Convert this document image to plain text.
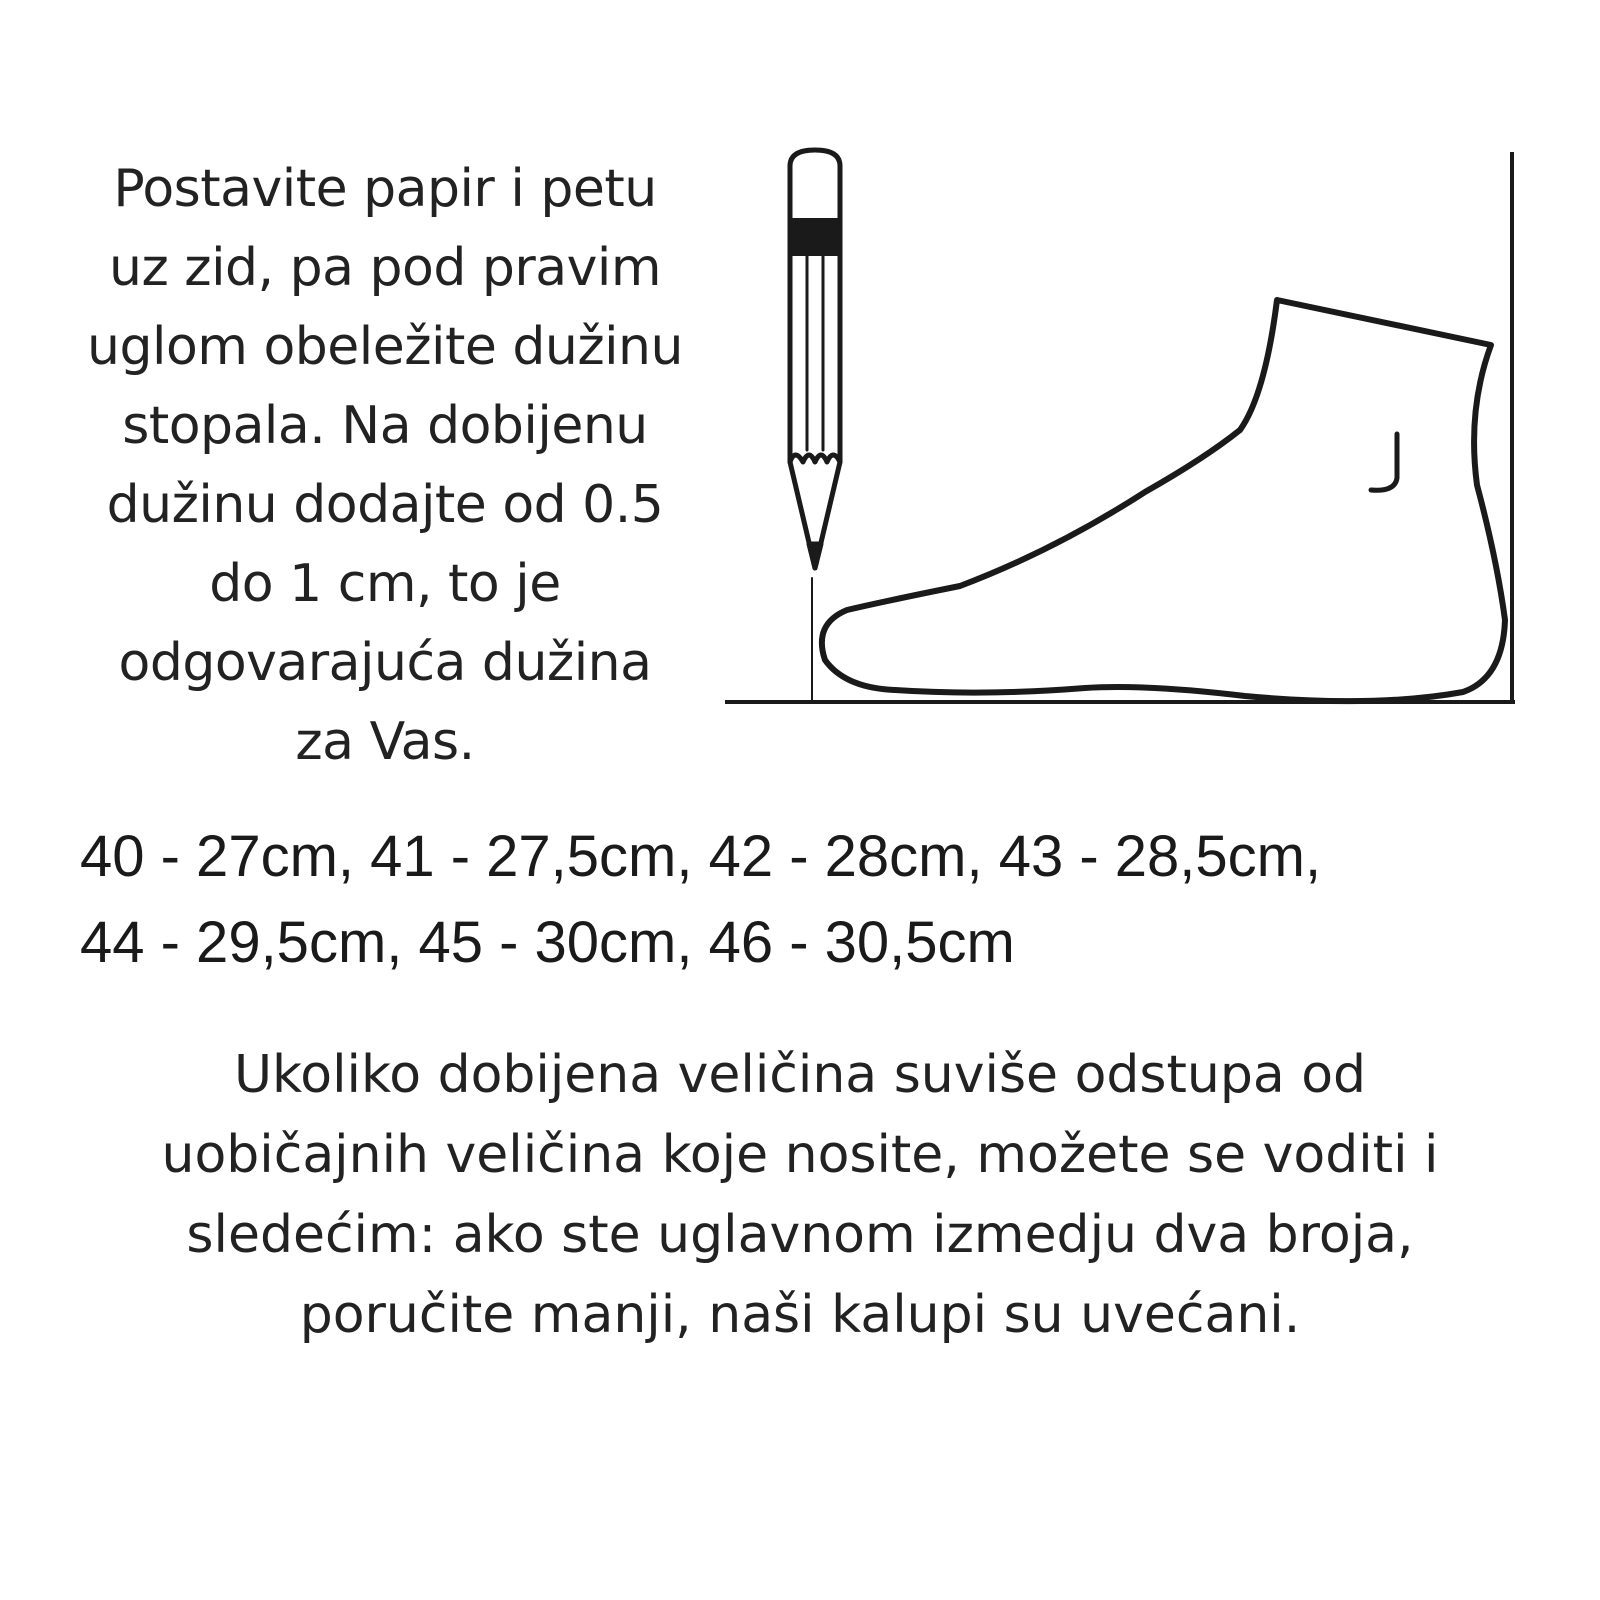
Postavite papir i petu
uz zid, pa pod pravim
uglom obeležite dužinu
stopala. Na dobijenu
dužinu dodajte od 0.5
do 1 cm, to je
odgovarajuća dužina
za Vas.

40 - 27cm, 41 - 27,5cm, 42 - 28cm, 43 - 28,5cm,
44 - 29,5cm, 45 - 30cm, 46 - 30,5cm

Ukoliko dobijena veličina suviše odstupa od
uobičajnih veličina koje nosite, možete se voditi i
sledećim: ako ste uglavnom izmedju dva broja,
poručite manji, naši kalupi su uvećani.
